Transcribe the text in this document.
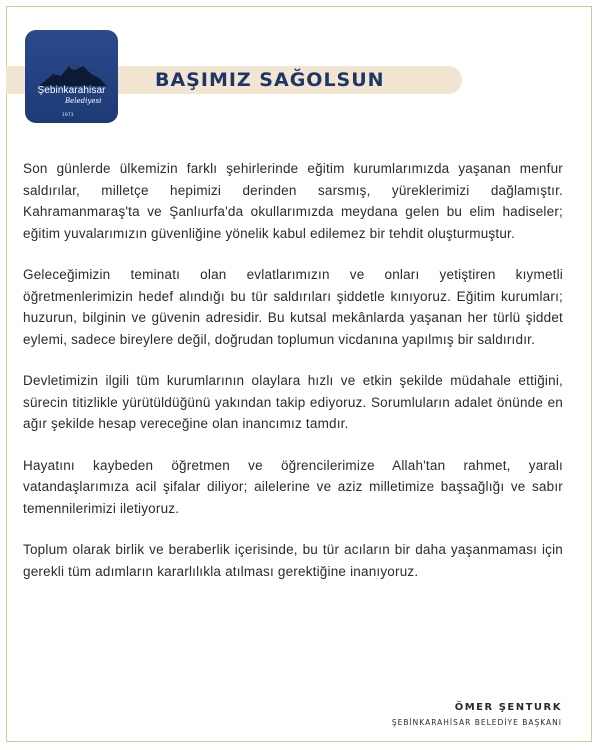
Şebinkarahisar
Belediyesi
1973
BAŞIMIZ SAĞOLSUN

Son günlerde ülkemizin farklı şehirlerinde eğitim kurumlarımızda yaşanan menfur saldırılar, milletçe hepimizi derinden sarsmış, yüreklerimizi dağlamıştır. Kahramanmaraş'ta ve Şanlıurfa'da okullarımızda meydana gelen bu elim hadiseler; eğitim yuvalarımızın güvenliğine yönelik kabul edilemez bir tehdit oluşturmuştur.

Geleceğimizin teminatı olan evlatlarımızın ve onları yetiştiren kıymetli öğretmenlerimizin hedef alındığı bu tür saldırıları şiddetle kınıyoruz. Eğitim kurumları; huzurun, bilginin ve güvenin adresidir. Bu kutsal mekânlarda yaşanan her türlü şiddet eylemi, sadece bireylere değil, doğrudan toplumun vicdanına yapılmış bir saldırıdır.

Devletimizin ilgili tüm kurumlarının olaylara hızlı ve etkin şekilde müdahale ettiğini, sürecin titizlikle yürütüldüğünü yakından takip ediyoruz. Sorumluların adalet önünde en ağır şekilde hesap vereceğine olan inancımız tamdır.

Hayatını kaybeden öğretmen ve öğrencilerimize Allah'tan rahmet, yaralı vatandaşlarımıza acil şifalar diliyor; ailelerine ve aziz milletimize başsağlığı ve sabır temennilerimizi iletiyoruz.

Toplum olarak birlik ve beraberlik içerisinde, bu tür acıların bir daha yaşanmaması için gerekli tüm adımların kararlılıkla atılması gerektiğine inanıyoruz.

ÖMER ŞENTURK
ŞEBİNKARAHİSAR BELEDİYE BAŞKANI
